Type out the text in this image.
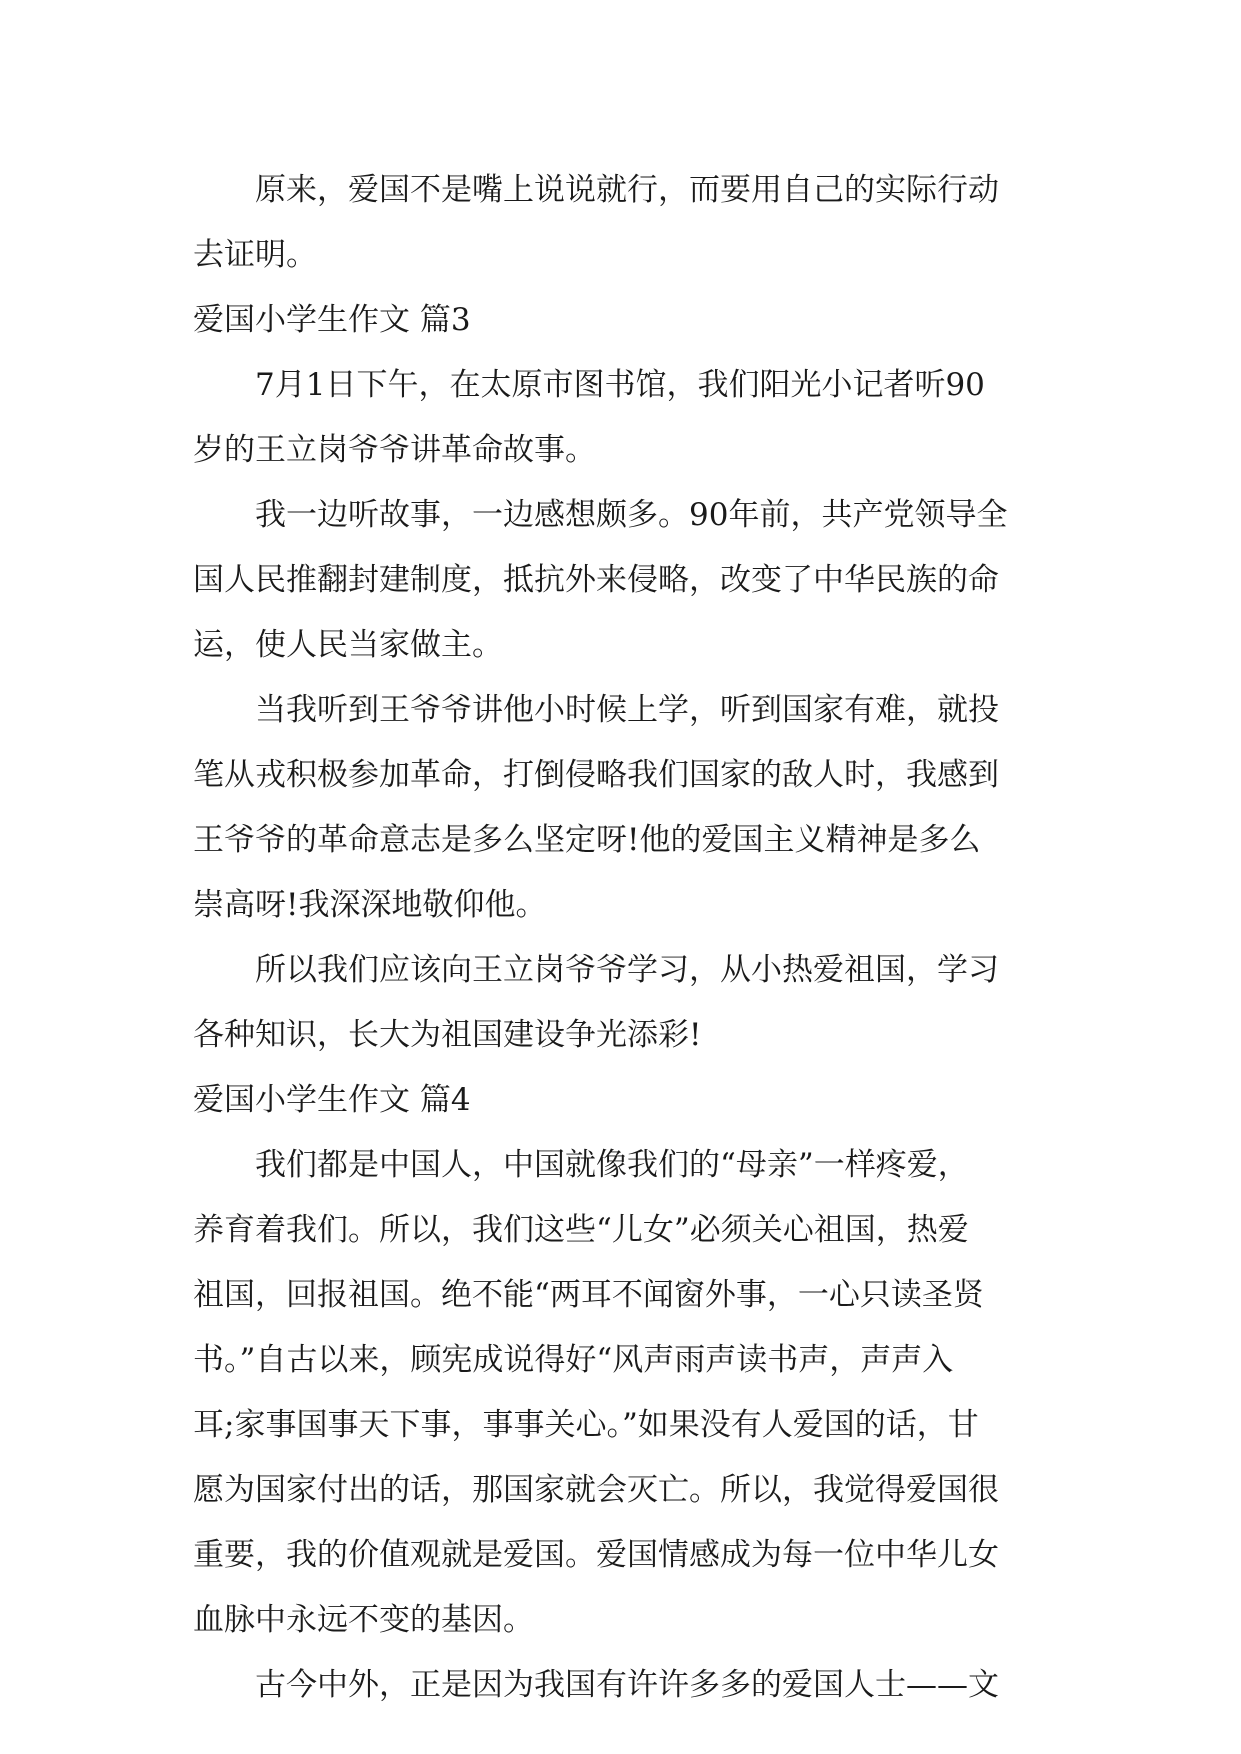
原来，爱国不是嘴上说说就行，而要用自己的实际行动
去证明。
爱国小学生作文 篇3
7月1日下午，在太原市图书馆，我们阳光小记者听90
岁的王立岗爷爷讲革命故事。
我一边听故事，一边感想颇多。90年前，共产党领导全
国人民推翻封建制度，抵抗外来侵略，改变了中华民族的命
运，使人民当家做主。
当我听到王爷爷讲他小时候上学，听到国家有难，就投
笔从戎积极参加革命，打倒侵略我们国家的敌人时，我感到
王爷爷的革命意志是多么坚定呀!他的爱国主义精神是多么
崇高呀!我深深地敬仰他。
所以我们应该向王立岗爷爷学习，从小热爱祖国，学习
各种知识，长大为祖国建设争光添彩!
爱国小学生作文 篇4
我们都是中国人，中国就像我们的“母亲”一样疼爱，
养育着我们。所以，我们这些“儿女”必须关心祖国，热爱
祖国，回报祖国。绝不能“两耳不闻窗外事，一心只读圣贤
书。”自古以来，顾宪成说得好“风声雨声读书声，声声入
耳;家事国事天下事，事事关心。”如果没有人爱国的话，甘
愿为国家付出的话，那国家就会灭亡。所以，我觉得爱国很
重要，我的价值观就是爱国。爱国情感成为每一位中华儿女
血脉中永远不变的基因。
古今中外，正是因为我国有许许多多的爱国人士——文
